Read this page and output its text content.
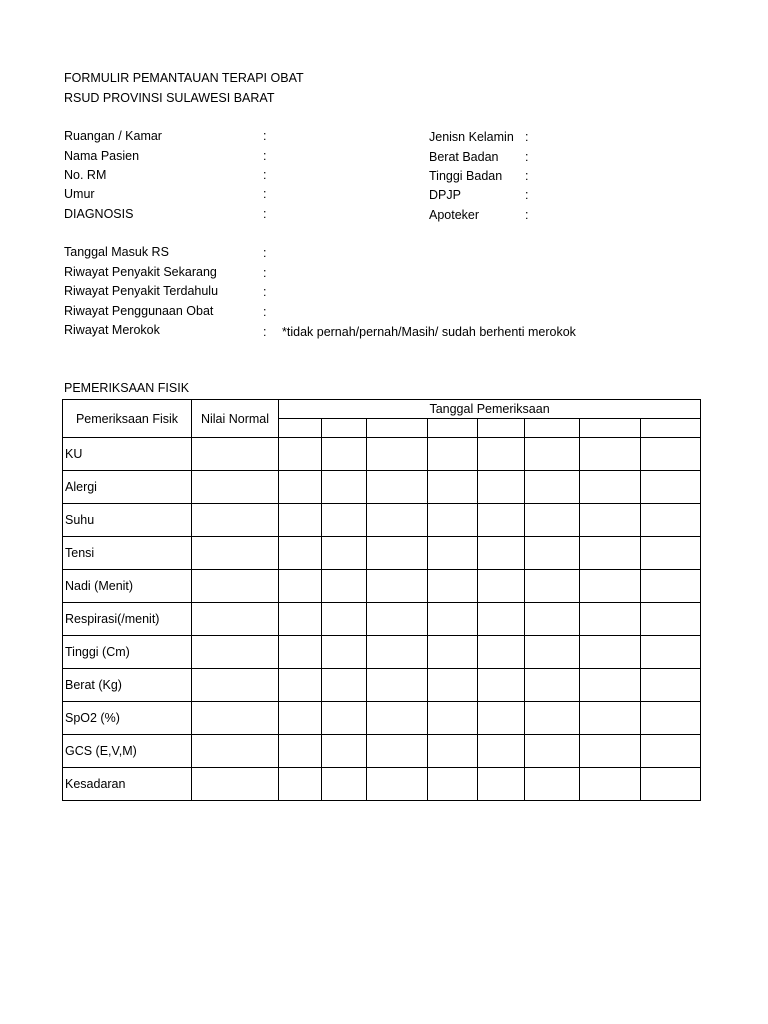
FORMULIR PEMANTAUAN TERAPI OBAT
RSUD PROVINSI SULAWESI BARAT
Ruangan / Kamar	:
Nama Pasien	:
No. RM	:
Umur	:
DIAGNOSIS	:
Jenisn Kelamin :
Berat Badan :
Tinggi Badan :
DPJP	:
Apoteker	:
Tanggal Masuk RS	:
Riwayat Penyakit Sekarang	:
Riwayat Penyakit Terdahulu	:
Riwayat Penggunaan Obat	:
Riwayat Merokok	: *tidak pernah/pernah/Masih/ sudah berhenti merokok
PEMERIKSAAN FISIK
Pemeriksaan Fisik	Nilai Normal	Tanggal Pemeriksaan							

KU									
Alergi									
Suhu									
Tensi									
Nadi (Menit)									
Respirasi(/menit)									
Tinggi (Cm)									
Berat (Kg)									
SpO2 (%)									
GCS (E,V,M)									
Kesadaran									
